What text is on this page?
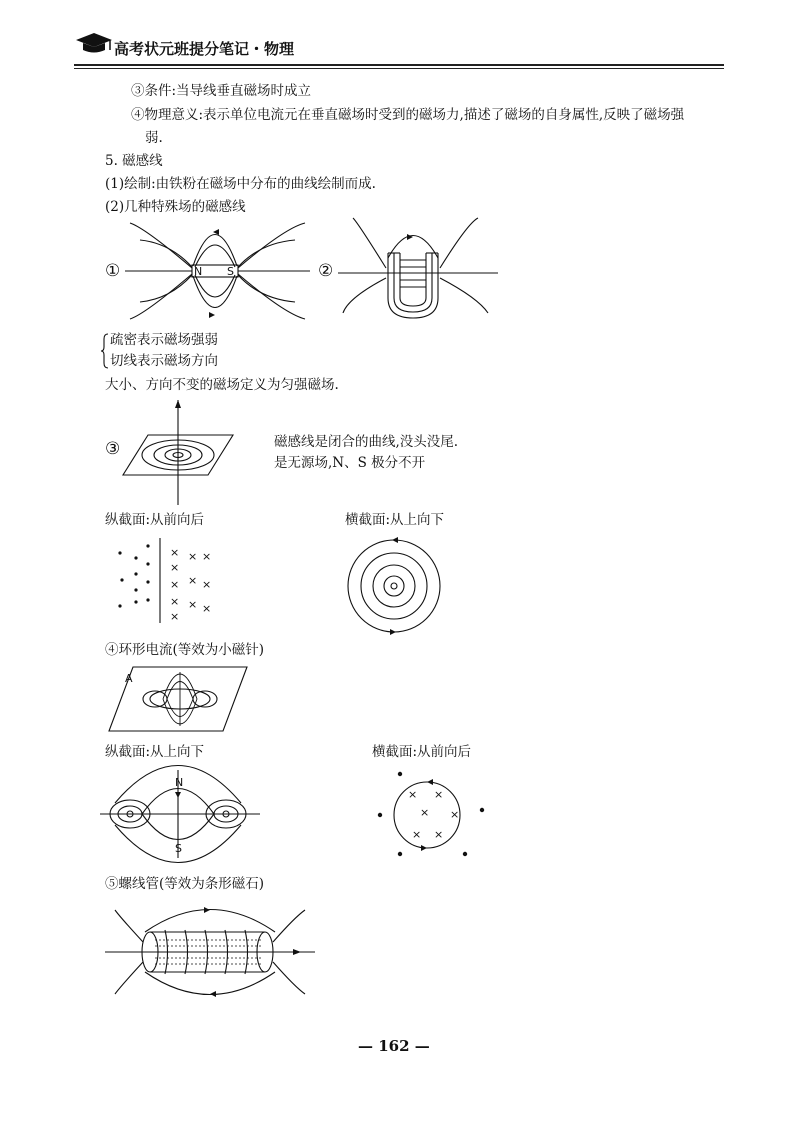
高考状元班提分笔记・物理
③条件:当导线垂直磁场时成立
④物理意义:表示单位电流元在垂直磁场时受到的磁场力,描述了磁场的自身属性,反映了磁场强
弱.
5. 磁感线
(1)绘制:由铁粉在磁场中分布的曲线绘制而成.
(2)几种特殊场的磁感线
①	N S	②
疏密表示磁场强弱
切线表示磁场方向
大小、方向不变的磁场定义为匀强磁场.
③	磁感线是闭合的曲线,没头没尾.
是无源场,N、S 极分不开
纵截面:从前向后	横截面:从上向下
× × ×
×
× × ×
× × ×
×
④环形电流(等效为小磁针)
A
纵截面:从上向下	横截面:从前向后
N
S
× ×
× ×
× ×
⑤螺线管(等效为条形磁石)
— 162 —
